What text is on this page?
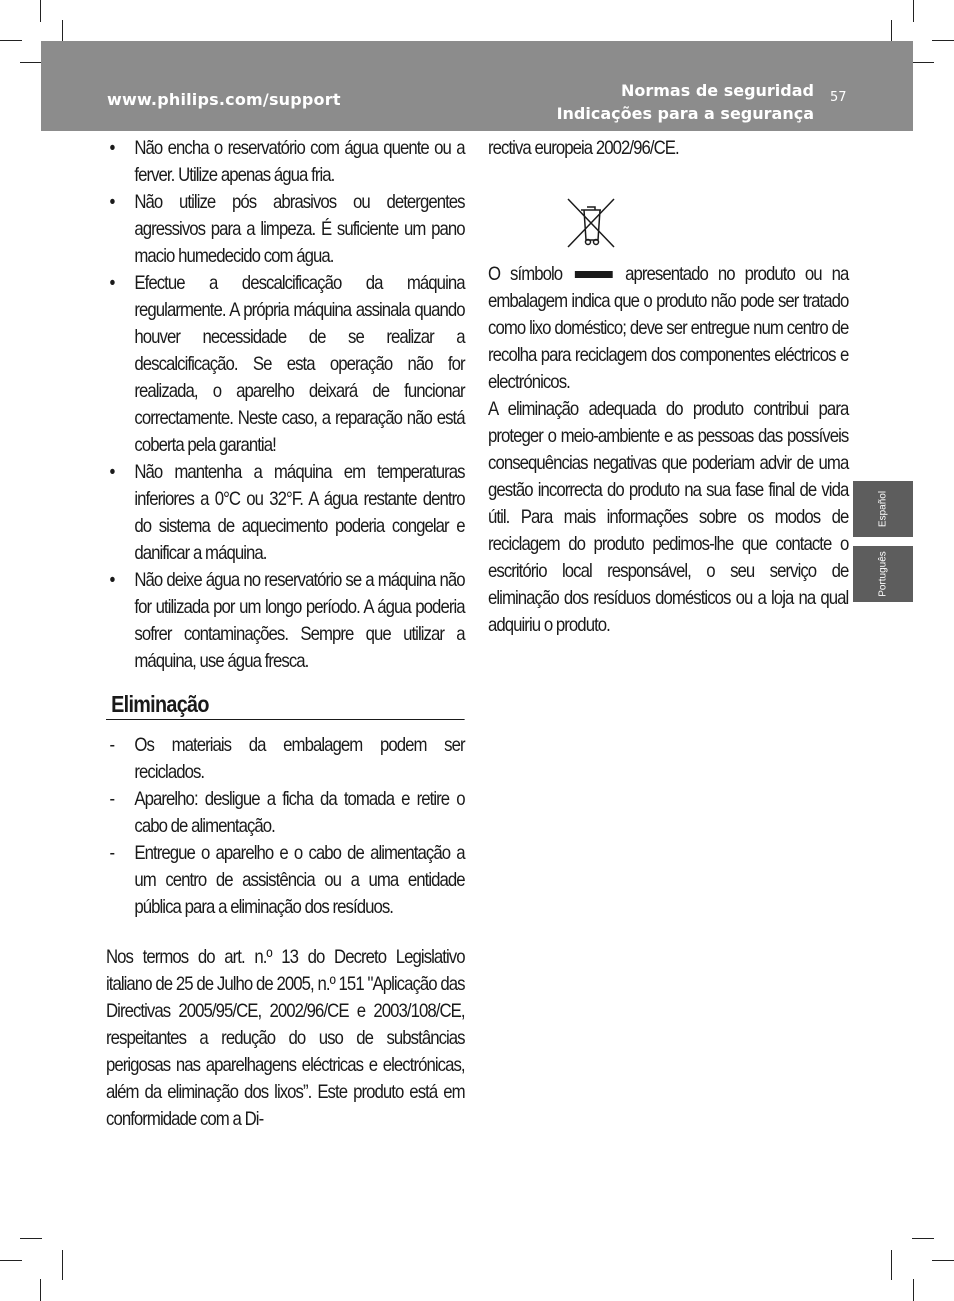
www.philips.com/support	Normas de seguridad
Indicações para a segurança
57
Español
Português
• Não encha o reservatório com água quente ou a ferver. Utilize apenas água fria.
• Não utilize pós abrasivos ou detergentes agressivos para a limpeza. É suficiente um pano macio humedecido com água.
• Efectue a descalcificação da máquina regularmente. A própria máquina assinala quando houver necessidade de se realizar a descalcificação. Se esta operação não for realizada, o aparelho deixará de funcionar correctamente. Neste caso, a reparação não está coberta pela garantia!
• Não mantenha a máquina em temperaturas inferiores a 0°C ou 32°F. A água restante dentro do sistema de aquecimento poderia congelar e danificar a máquina.
• Não deixe água no reservatório se a máquina não for utilizada por um longo período. A água poderia sofrer contaminações. Sempre que utilizar a máquina, use água fresca.
Eliminação
- Os materiais da embalagem podem ser reciclados.
- Aparelho: desligue a ficha da tomada e retire o cabo de alimentação.
- Entregue o aparelho e o cabo de alimentação a um centro de assistência ou a uma entidade pública para a eliminação dos resíduos.

Nos termos do art. n.º 13 do Decreto Legislativo italiano de 25 de Julho de 2005, n.º 151 "Aplicação das Directivas 2005/95/CE, 2002/96/CE e 2003/108/CE, respeitantes a redução do uso de substâncias perigosas nas aparelhagens eléctricas e electrónicas, além da eliminação dos lixos”. Este produto está em conformidade com a Di-

rectiva europeia 2002/96/CE.

O símbolo	apresentado no produto ou na embalagem indica que o produto não pode ser tratado como lixo doméstico; deve ser entregue num centro de recolha para reciclagem dos componentes eléctricos e electrónicos.

A eliminação adequada do produto contribui para proteger o meio-ambiente e as pessoas das possíveis consequências negativas que poderiam advir de uma gestão incorrecta do produto na sua fase final de vida útil. Para mais informações sobre os modos de reciclagem do produto pedimos-lhe que contacte o escritório local responsável, o seu serviço de eliminação dos resíduos domésticos ou a loja na qual adquiriu o produto.
